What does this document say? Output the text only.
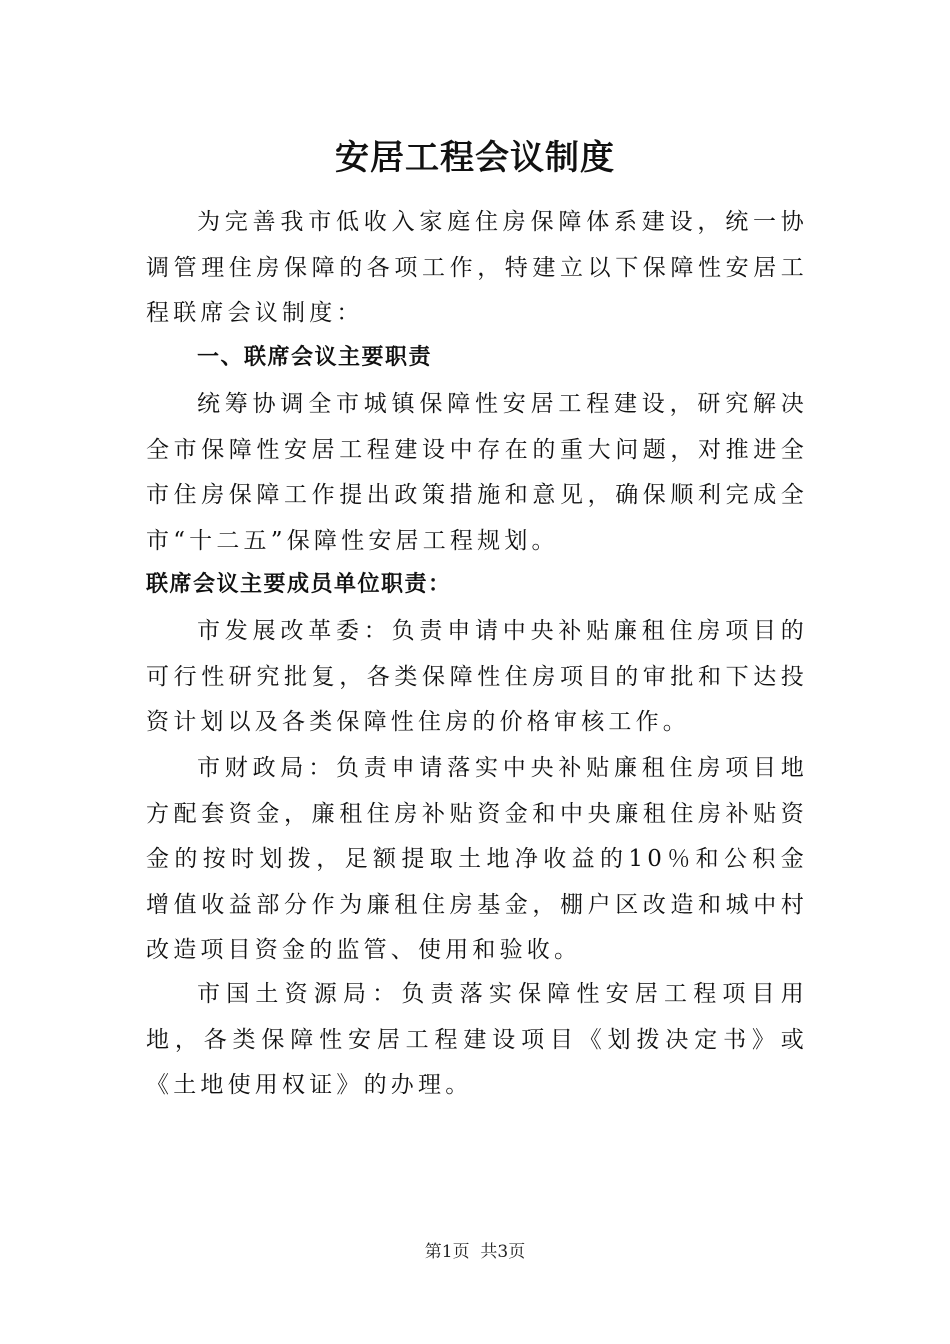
安居工程会议制度

为完善我市低收入家庭住房保障体系建设，统一协调管理住房保障的各项工作，特建立以下保障性安居工程联席会议制度：

一、联席会议主要职责

统筹协调全市城镇保障性安居工程建设，研究解决全市保障性安居工程建设中存在的重大问题，对推进全市住房保障工作提出政策措施和意见，确保顺利完成全市“十二五”保障性安居工程规划。

联席会议主要成员单位职责：

市发展改革委：负责申请中央补贴廉租住房项目的可行性研究批复，各类保障性住房项目的审批和下达投资计划以及各类保障性住房的价格审核工作。

市财政局：负责申请落实中央补贴廉租住房项目地方配套资金，廉租住房补贴资金和中央廉租住房补贴资金的按时划拨，足额提取土地净收益的10％和公积金增值收益部分作为廉租住房基金，棚户区改造和城中村改造项目资金的监管、使用和验收。

市国土资源局：负责落实保障性安居工程项目用地，各类保障性安居工程建设项目《划拨决定书》或《土地使用权证》的办理。

第1页  共3页
